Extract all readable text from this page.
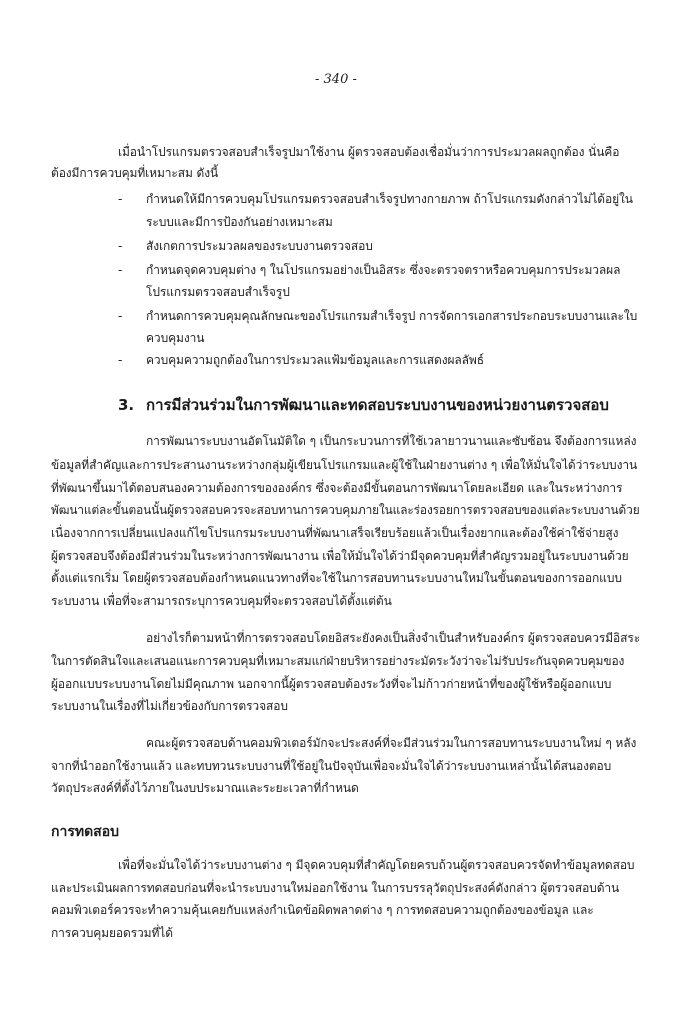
- 340 -
เมื่อนำโปรแกรมตรวจสอบสำเร็จรูปมาใช้งาน ผู้ตรวจสอบต้องเชื่อมั่นว่าการประมวลผลถูกต้อง นั่นคือ
ต้องมีการควบคุมที่เหมาะสม ดังนี้
- กำหนดให้มีการควบคุมโปรแกรมตรวจสอบสำเร็จรูปทางกายภาพ ถ้าโปรแกรมดังกล่าวไม่ได้อยู่ใน
ระบบและมีการป้องกันอย่างเหมาะสม
- สังเกตการประมวลผลของระบบงานตรวจสอบ
- กำหนดจุดควบคุมต่าง ๆ ในโปรแกรมอย่างเป็นอิสระ ซึ่งจะตรวจตราหรือควบคุมการประมวลผล
โปรแกรมตรวจสอบสำเร็จรูป
- กำหนดการควบคุมคุณลักษณะของโปรแกรมสำเร็จรูป การจัดการเอกสารประกอบระบบงานและใบ
ควบคุมงาน
- ควบคุมความถูกต้องในการประมวลแฟ้มข้อมูลและการแสดงผลลัพธ์
3. การมีส่วนร่วมในการพัฒนาและทดสอบระบบงานของหน่วยงานตรวจสอบ
การพัฒนาระบบงานอัตโนมัติใด ๆ เป็นกระบวนการที่ใช้เวลายาวนานและซับซ้อน จึงต้องการแหล่ง
ข้อมูลที่สำคัญและการประสานงานระหว่างกลุ่มผู้เขียนโปรแกรมและผู้ใช้ในฝ่ายงานต่าง ๆ เพื่อให้มั่นใจได้ว่าระบบงาน
ที่พัฒนาขึ้นมาได้ตอบสนองความต้องการขององค์กร ซึ่งจะต้องมีขั้นตอนการพัฒนาโดยละเอียด และในระหว่างการ
พัฒนาแต่ละขั้นตอนนั้นผู้ตรวจสอบควรจะสอบทานการควบคุมภายในและร่องรอยการตรวจสอบของแต่ละระบบงานด้วย
เนื่องจากการเปลี่ยนแปลงแก้ไขโปรแกรมระบบงานที่พัฒนาเสร็จเรียบร้อยแล้วเป็นเรื่องยากและต้องใช้ค่าใช้จ่ายสูง
ผู้ตรวจสอบจึงต้องมีส่วนร่วมในระหว่างการพัฒนางาน เพื่อให้มั่นใจได้ว่ามีจุดควบคุมที่สำคัญรวมอยู่ในระบบงานด้วย
ตั้งแต่แรกเริ่ม โดยผู้ตรวจสอบต้องกำหนดแนวทางที่จะใช้ในการสอบทานระบบงานใหม่ในขั้นตอนของการออกแบบ
ระบบงาน เพื่อที่จะสามารถระบุการควบคุมที่จะตรวจสอบได้ตั้งแต่ต้น
อย่างไรก็ตามหน้าที่การตรวจสอบโดยอิสระยังคงเป็นสิ่งจำเป็นสำหรับองค์กร ผู้ตรวจสอบควรมีอิสระ
ในการตัดสินใจและเสนอแนะการควบคุมที่เหมาะสมแก่ฝ่ายบริหารอย่างระมัดระวังว่าจะไม่รับประกันจุดควบคุมของ
ผู้ออกแบบระบบงานโดยไม่มีคุณภาพ นอกจากนี้ผู้ตรวจสอบต้องระวังที่จะไม่ก้าวก่ายหน้าที่ของผู้ใช้หรือผู้ออกแบบ
ระบบงานในเรื่องที่ไม่เกี่ยวข้องกับการตรวจสอบ
คณะผู้ตรวจสอบด้านคอมพิวเตอร์มักจะประสงค์ที่จะมีส่วนร่วมในการสอบทานระบบงานใหม่ ๆ หลัง
จากที่นำออกใช้งานแล้ว และทบทวนระบบงานที่ใช้อยู่ในปัจจุบันเพื่อจะมั่นใจได้ว่าระบบงานเหล่านั้นได้สนองตอบ
วัตถุประสงค์ที่ตั้งไว้ภายในงบประมาณและระยะเวลาที่กำหนด
การทดสอบ
เพื่อที่จะมั่นใจได้ว่าระบบงานต่าง ๆ มีจุดควบคุมที่สำคัญโดยครบถ้วนผู้ตรวจสอบควรจัดทำข้อมูลทดสอบ
และประเมินผลการทดสอบก่อนที่จะนำระบบงานใหม่ออกใช้งาน ในการบรรลุวัตถุประสงค์ดังกล่าว ผู้ตรวจสอบด้าน
คอมพิวเตอร์ควรจะทำความคุ้นเคยกับแหล่งกำเนิดข้อผิดพลาดต่าง ๆ การทดสอบความถูกต้องของข้อมูล และ
การควบคุมยอดรวมที่ได้
